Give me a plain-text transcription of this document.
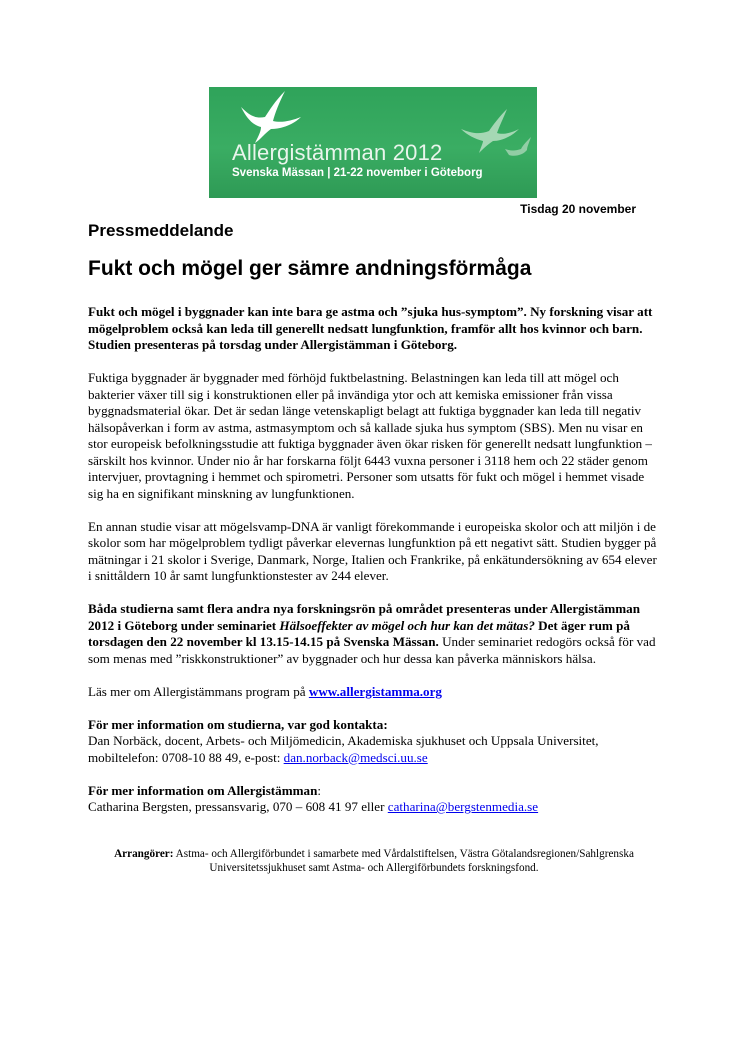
Allergistämman 2012
Svenska Mässan | 21-22 november i Göteborg
Tisdag 20 november
Pressmeddelande
Fukt och mögel ger sämre andningsförmåga

Fukt och mögel i byggnader kan inte bara ge astma och ”sjuka hus-symptom”. Ny forskning visar att mögelproblem också kan leda till generellt nedsatt lungfunktion, framför allt hos kvinnor och barn. Studien presenteras på torsdag under Allergistämman i Göteborg.

Fuktiga byggnader är byggnader med förhöjd fuktbelastning. Belastningen kan leda till att mögel och bakterier växer till sig i konstruktionen eller på invändiga ytor och att kemiska emissioner från vissa byggnadsmaterial ökar. Det är sedan länge vetenskapligt belagt att fuktiga byggnader kan leda till negativ hälsopåverkan i form av astma, astmasymptom och så kallade sjuka hus symptom (SBS). Men nu visar en stor europeisk befolkningsstudie att fuktiga byggnader även ökar risken för generellt nedsatt lungfunktion – särskilt hos kvinnor. Under nio år har forskarna följt 6443 vuxna personer i 3118 hem och 22 städer genom intervjuer, provtagning i hemmet och spirometri. Personer som utsatts för fukt och mögel i hemmet visade sig ha en signifikant minskning av lungfunktionen.

En annan studie visar att mögelsvamp-DNA är vanligt förekommande i europeiska skolor och att miljön i de skolor som har mögelproblem tydligt påverkar elevernas lungfunktion på ett negativt sätt. Studien bygger på mätningar i 21 skolor i Sverige, Danmark, Norge, Italien och Frankrike, på enkätundersökning av 654 elever i snittåldern 10 år samt lungfunktionstester av 244 elever.

Båda studierna samt flera andra nya forskningsrön på området presenteras under Allergistämman 2012 i Göteborg under seminariet Hälsoeffekter av mögel och hur kan det mätas? Det äger rum på torsdagen den 22 november kl 13.15-14.15 på Svenska Mässan. Under seminariet redogörs också för vad som menas med ”riskkonstruktioner” av byggnader och hur dessa kan påverka människors hälsa.

Läs mer om Allergistämmans program på www.allergistamma.org

För mer information om studierna, var god kontakta:
Dan Norbäck, docent, Arbets- och Miljömedicin, Akademiska sjukhuset och Uppsala Universitet,
mobiltelefon: 0708-10 88 49, e-post: dan.norback@medsci.uu.se

För mer information om Allergistämman:
Catharina Bergsten, pressansvarig, 070 – 608 41 97 eller catharina@bergstenmedia.se

Arrangörer: Astma- och Allergiförbundet i samarbete med Vårdalstiftelsen, Västra Götalandsregionen/Sahlgrenska Universitetssjukhuset samt Astma- och Allergiförbundets forskningsfond.
